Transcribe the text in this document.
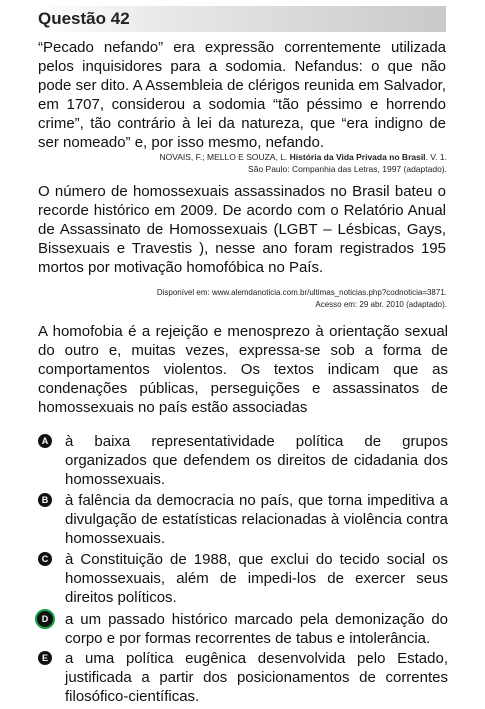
Questão 42

“Pecado nefando” era expressão correntemente utilizada pelos inquisidores para a sodomia. Nefandus: o que não pode ser dito. A Assembleia de clérigos reunida em Salvador, em 1707, considerou a sodomia “tão péssimo e horrendo crime”, tão contrário à lei da natureza, que “era indigno de ser nomeado” e, por isso mesmo, nefando.

NOVAIS, F.; MELLO E SOUZA, L. História da Vida Privada no Brasil. V. 1.
São Paulo: Companhia das Letras, 1997 (adaptado).

O número de homossexuais assassinados no Brasil bateu o recorde histórico em 2009. De acordo com o Relatório Anual de Assassinato de Homossexuais (LGBT – Lésbicas, Gays, Bissexuais e Travestis ), nesse ano foram registrados 195 mortos por motivação homofóbica no País.

Disponível em: www.alemdanoticia.com.br/ultimas_noticias.php?codnoticia=3871.
Acesso em: 29 abr. 2010 (adaptado).

A homofobia é a rejeição e menosprezo à orientação sexual do outro e, muitas vezes, expressa-se sob a forma de comportamentos violentos. Os textos indicam que as condenações públicas, perseguições e assassinatos de homossexuais no país estão associadas

A à baixa representatividade política de grupos organizados que defendem os direitos de cidadania dos homossexuais.

B à falência da democracia no país, que torna impeditiva a divulgação de estatísticas relacionadas à violência contra homossexuais.

C à Constituição de 1988, que exclui do tecido social os homossexuais, além de impedi-los de exercer seus direitos políticos.

D	a um passado histórico marcado pela demonização do corpo e por formas recorrentes de tabus e intolerância.

E a uma política eugênica desenvolvida pelo Estado, justificada a partir dos posicionamentos de correntes filosófico-científicas.
